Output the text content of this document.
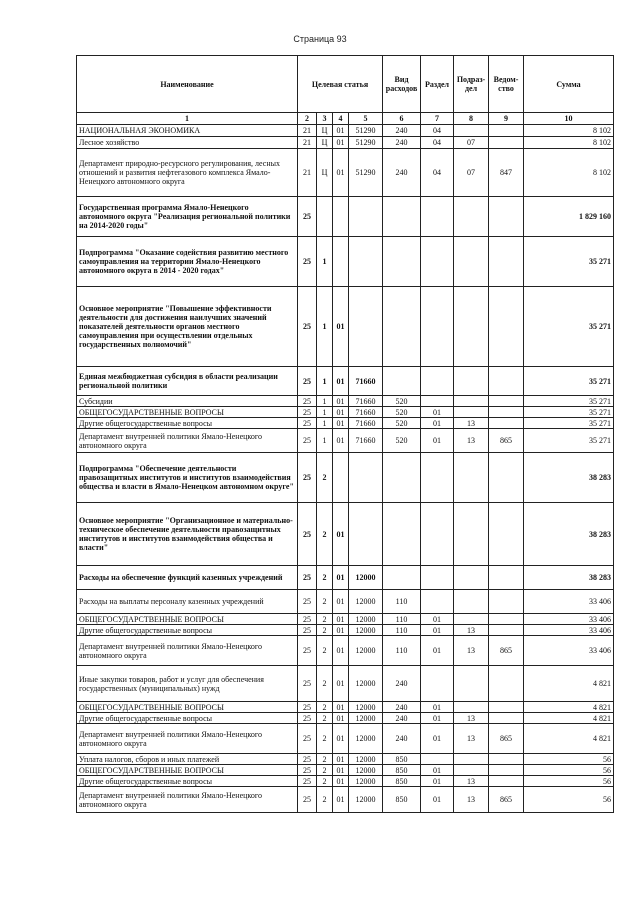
Страница 93
Наименование	Целевая статья				Вид расходов	Раздел	Подраз-дел	Ведом-ство	Сумма
1	2	3	4	5	6	7	8	9	10
НАЦИОНАЛЬНАЯ ЭКОНОМИКА	21	Ц	01	51290	240	04			8 102
Лесное хозяйство	21	Ц	01	51290	240	04	07		8 102
Департамент природно-ресурсного регулирования, лесных отношений и развития нефтегазового комплекса Ямало-Ненецкого автономного округа	21	Ц	01	51290	240	04	07	847	8 102
Государственная программа Ямало-Ненецкого автономного округа "Реализация региональной политики на 2014-2020 годы"	25								1 829 160
Подпрограмма "Оказание содействия развитию местного самоуправления на территории Ямало-Ненецкого автономного округа в 2014 - 2020 годах"	25	1							35 271
Основное мероприятие "Повышение эффективности деятельности для достижения наилучших значений показателей деятельности органов местного самоуправления при осуществлении отдельных государственных полномочий"	25	1	01						35 271
Единая межбюджетная субсидия в области реализации региональной политики	25	1	01	71660					35 271
Субсидии	25	1	01	71660	520				35 271
ОБЩЕГОСУДАРСТВЕННЫЕ ВОПРОСЫ	25	1	01	71660	520	01			35 271
Другие общегосударственные вопросы	25	1	01	71660	520	01	13		35 271
Департамент внутренней политики Ямало-Ненецкого автономного округа	25	1	01	71660	520	01	13	865	35 271
Подпрограмма "Обеспечение деятельности правозащитных институтов и институтов взаимодействия общества и власти в Ямало-Ненецком автономном округе"	25	2							38 283
Основное мероприятие "Организационное и материально-техническое обеспечение деятельности правозащитных институтов и институтов взаимодействия общества и власти"	25	2	01						38 283
Расходы на обеспечение функций казенных учреждений	25	2	01	12000					38 283
Расходы на выплаты персоналу казенных учреждений	25	2	01	12000	110				33 406
ОБЩЕГОСУДАРСТВЕННЫЕ ВОПРОСЫ	25	2	01	12000	110	01			33 406
Другие общегосударственные вопросы	25	2	01	12000	110	01	13		33 406
Департамент внутренней политики Ямало-Ненецкого автономного округа	25	2	01	12000	110	01	13	865	33 406
Иные закупки товаров, работ и услуг для обеспечения государственных (муниципальных) нужд	25	2	01	12000	240				4 821
ОБЩЕГОСУДАРСТВЕННЫЕ ВОПРОСЫ	25	2	01	12000	240	01			4 821
Другие общегосударственные вопросы	25	2	01	12000	240	01	13		4 821
Департамент внутренней политики Ямало-Ненецкого автономного округа	25	2	01	12000	240	01	13	865	4 821
Уплата налогов, сборов и иных платежей	25	2	01	12000	850				56
ОБЩЕГОСУДАРСТВЕННЫЕ ВОПРОСЫ	25	2	01	12000	850	01			56
Другие общегосударственные вопросы	25	2	01	12000	850	01	13		56
Департамент внутренней политики Ямало-Ненецкого автономного округа	25	2	01	12000	850	01	13	865	56
